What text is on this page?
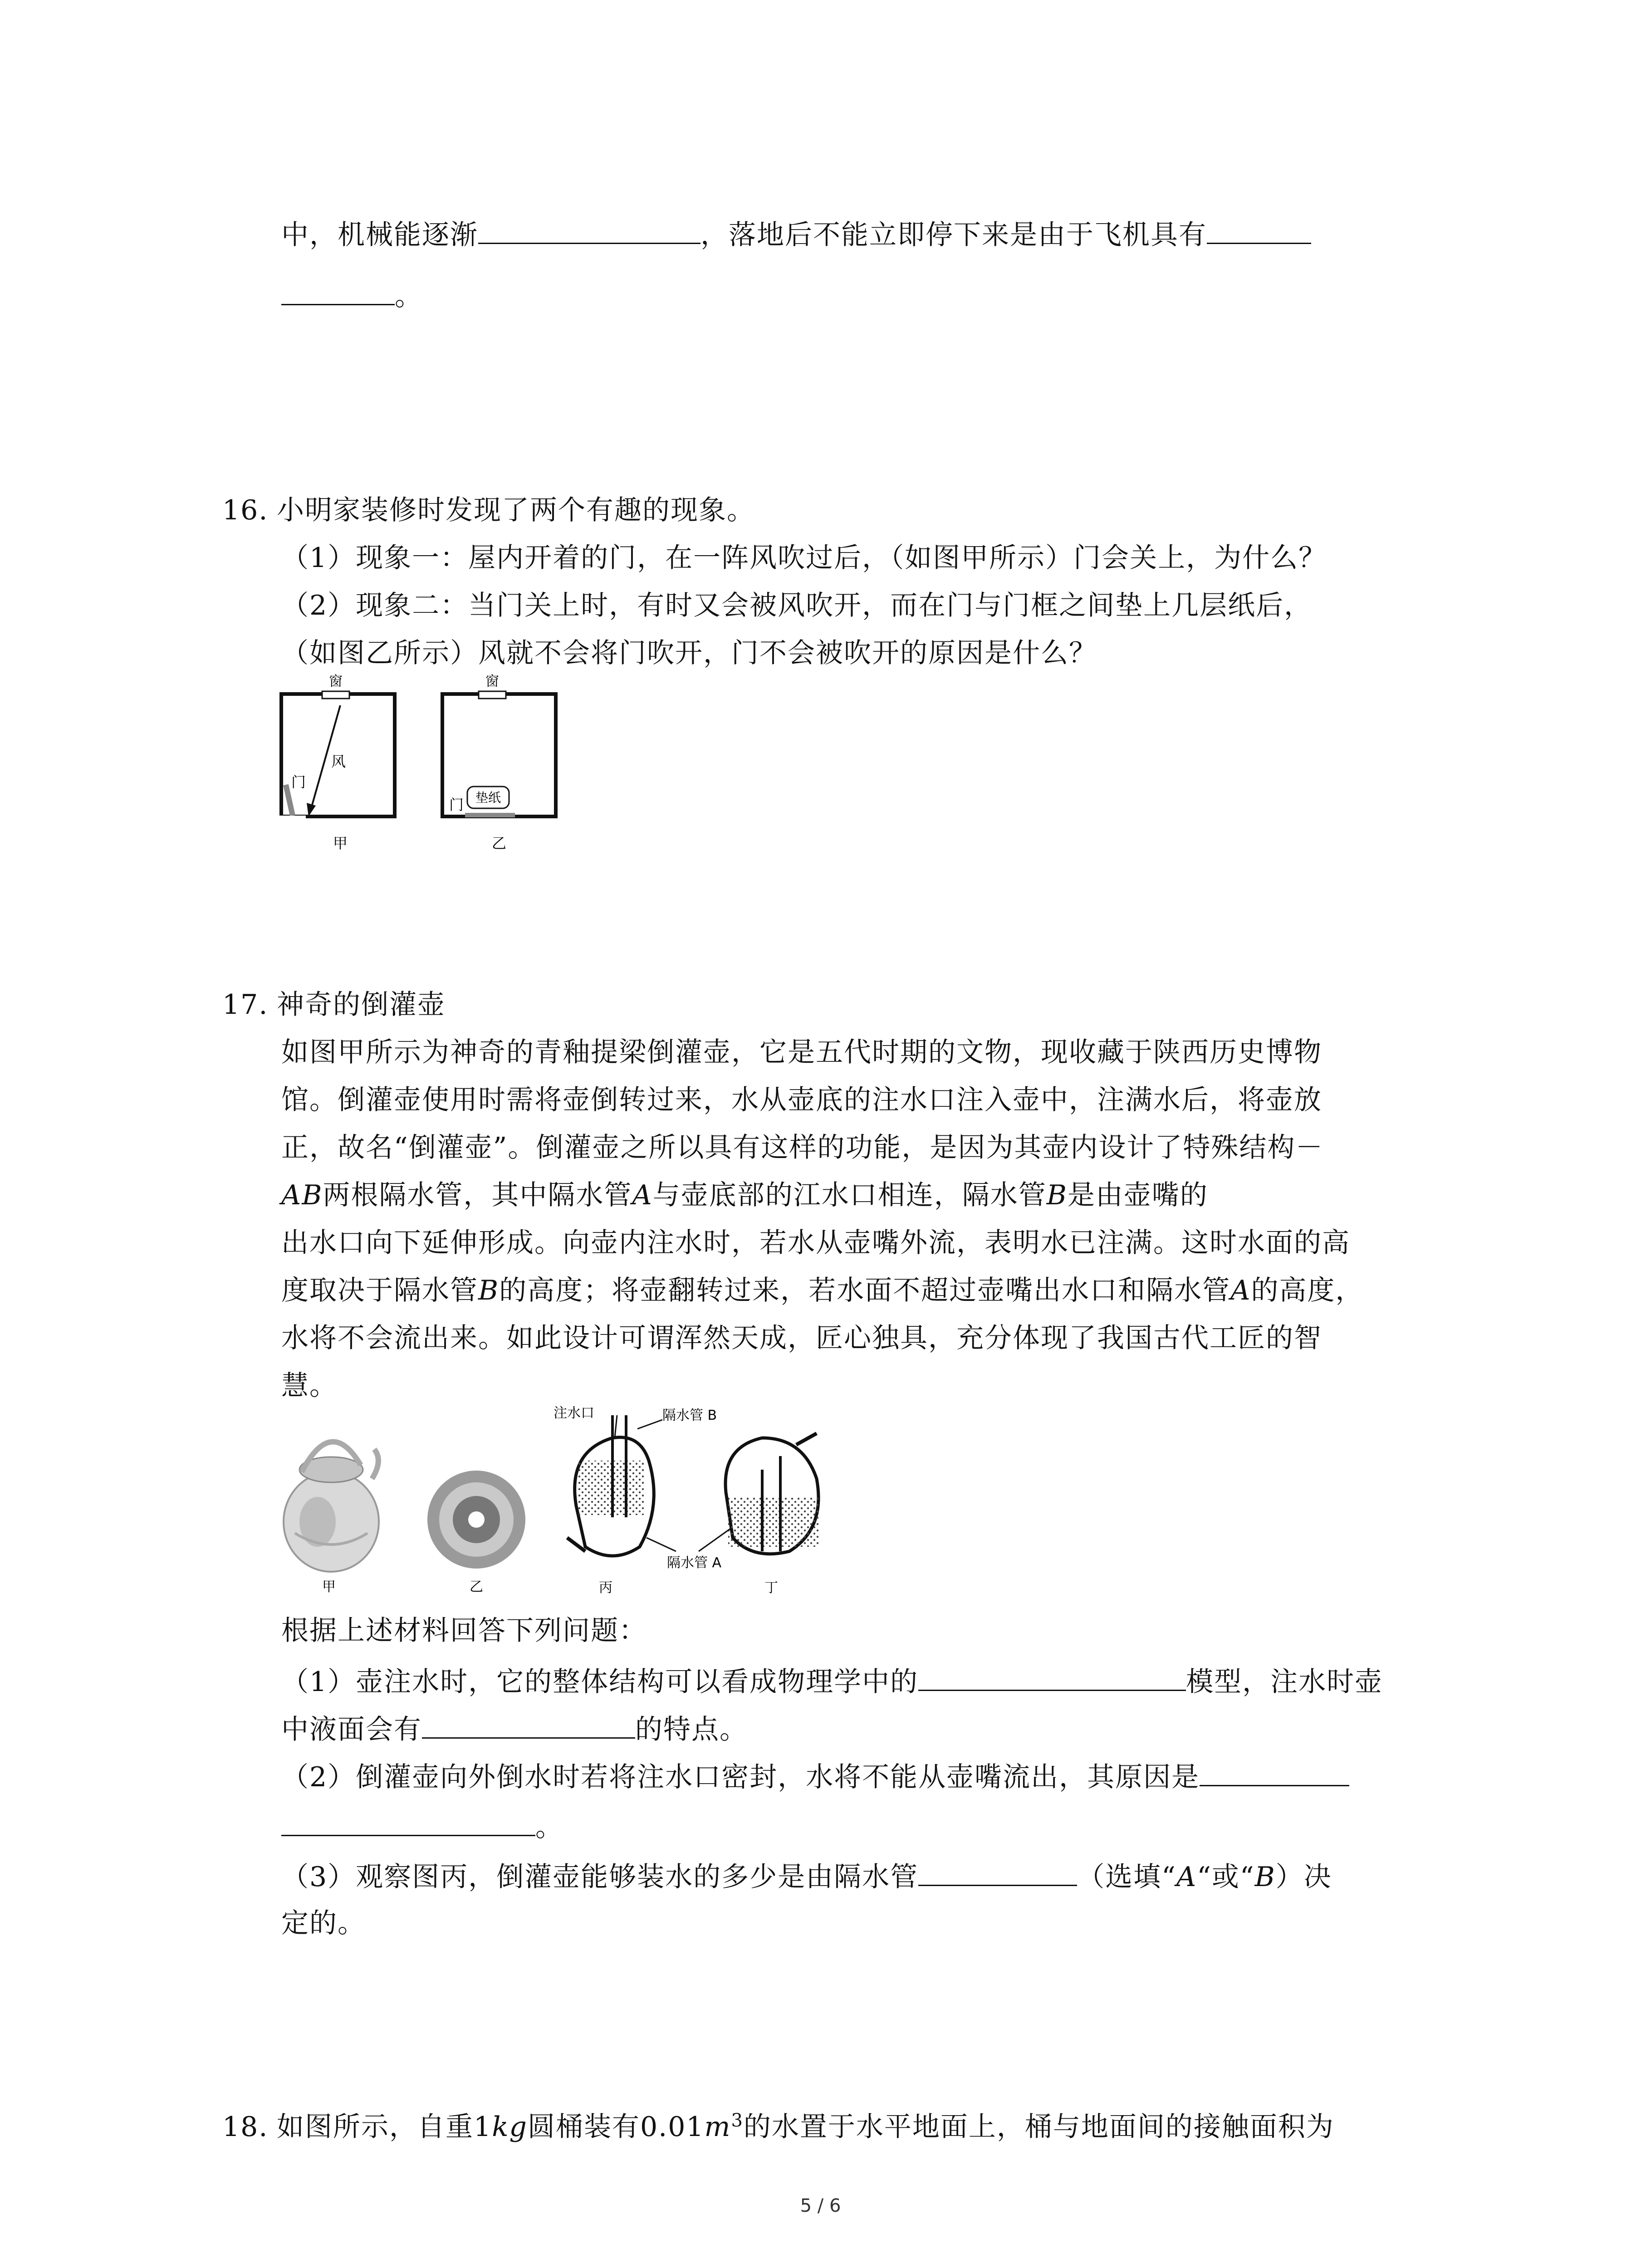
中，机械能逐渐	，落地后不能立即停下来是由于飞机具有
。
16. 小明家装修时发现了两个有趣的现象。
（1）现象一：屋内开着的门，在一阵风吹过后，（如图甲所示）门会关上，为什么？
（2）现象二：当门关上时，有时又会被风吹开，而在门与门框之间垫上几层纸后，
（如图乙所示）风就不会将门吹开，门不会被吹开的原因是什么？
窗
风
门
甲
窗
门 垫纸
乙
17. 神奇的倒灌壶
如图甲所示为神奇的青釉提梁倒灌壶，它是五代时期的文物，现收藏于陕西历史博物
馆。倒灌壶使用时需将壶倒转过来，水从壶底的注水口注入壶中，注满水后，将壶放
正，故名“倒灌壶”。倒灌壶之所以具有这样的功能，是因为其壶内设计了特殊结构－
AB两根隔水管，其中隔水管A与壶底部的江水口相连，隔水管B是由壶嘴的
出水口向下延伸形成。向壶内注水时，若水从壶嘴外流，表明水已注满。这时水面的高
度取决于隔水管B的高度；将壶翻转过来，若水面不超过壶嘴出水口和隔水管A的高度，
水将不会流出来。如此设计可谓浑然天成，匠心独具，充分体现了我国古代工匠的智
慧。
甲	乙
注水口	隔水管 B
隔水管 A
丙	丁
根据上述材料回答下列问题：
（1）壶注水时，它的整体结构可以看成物理学中的	模型，注水时壶
中液面会有	的特点。
（2）倒灌壶向外倒水时若将注水口密封，水将不能从壶嘴流出，其原因是
。
（3）观察图丙，倒灌壶能够装水的多少是由隔水管	（选填“A“或“B）决
定的。
18. 如图所示，自重1kg圆桶装有$0.01m^3$的水置于水平地面上，桶与地面间的接触面积为
5 / 6
